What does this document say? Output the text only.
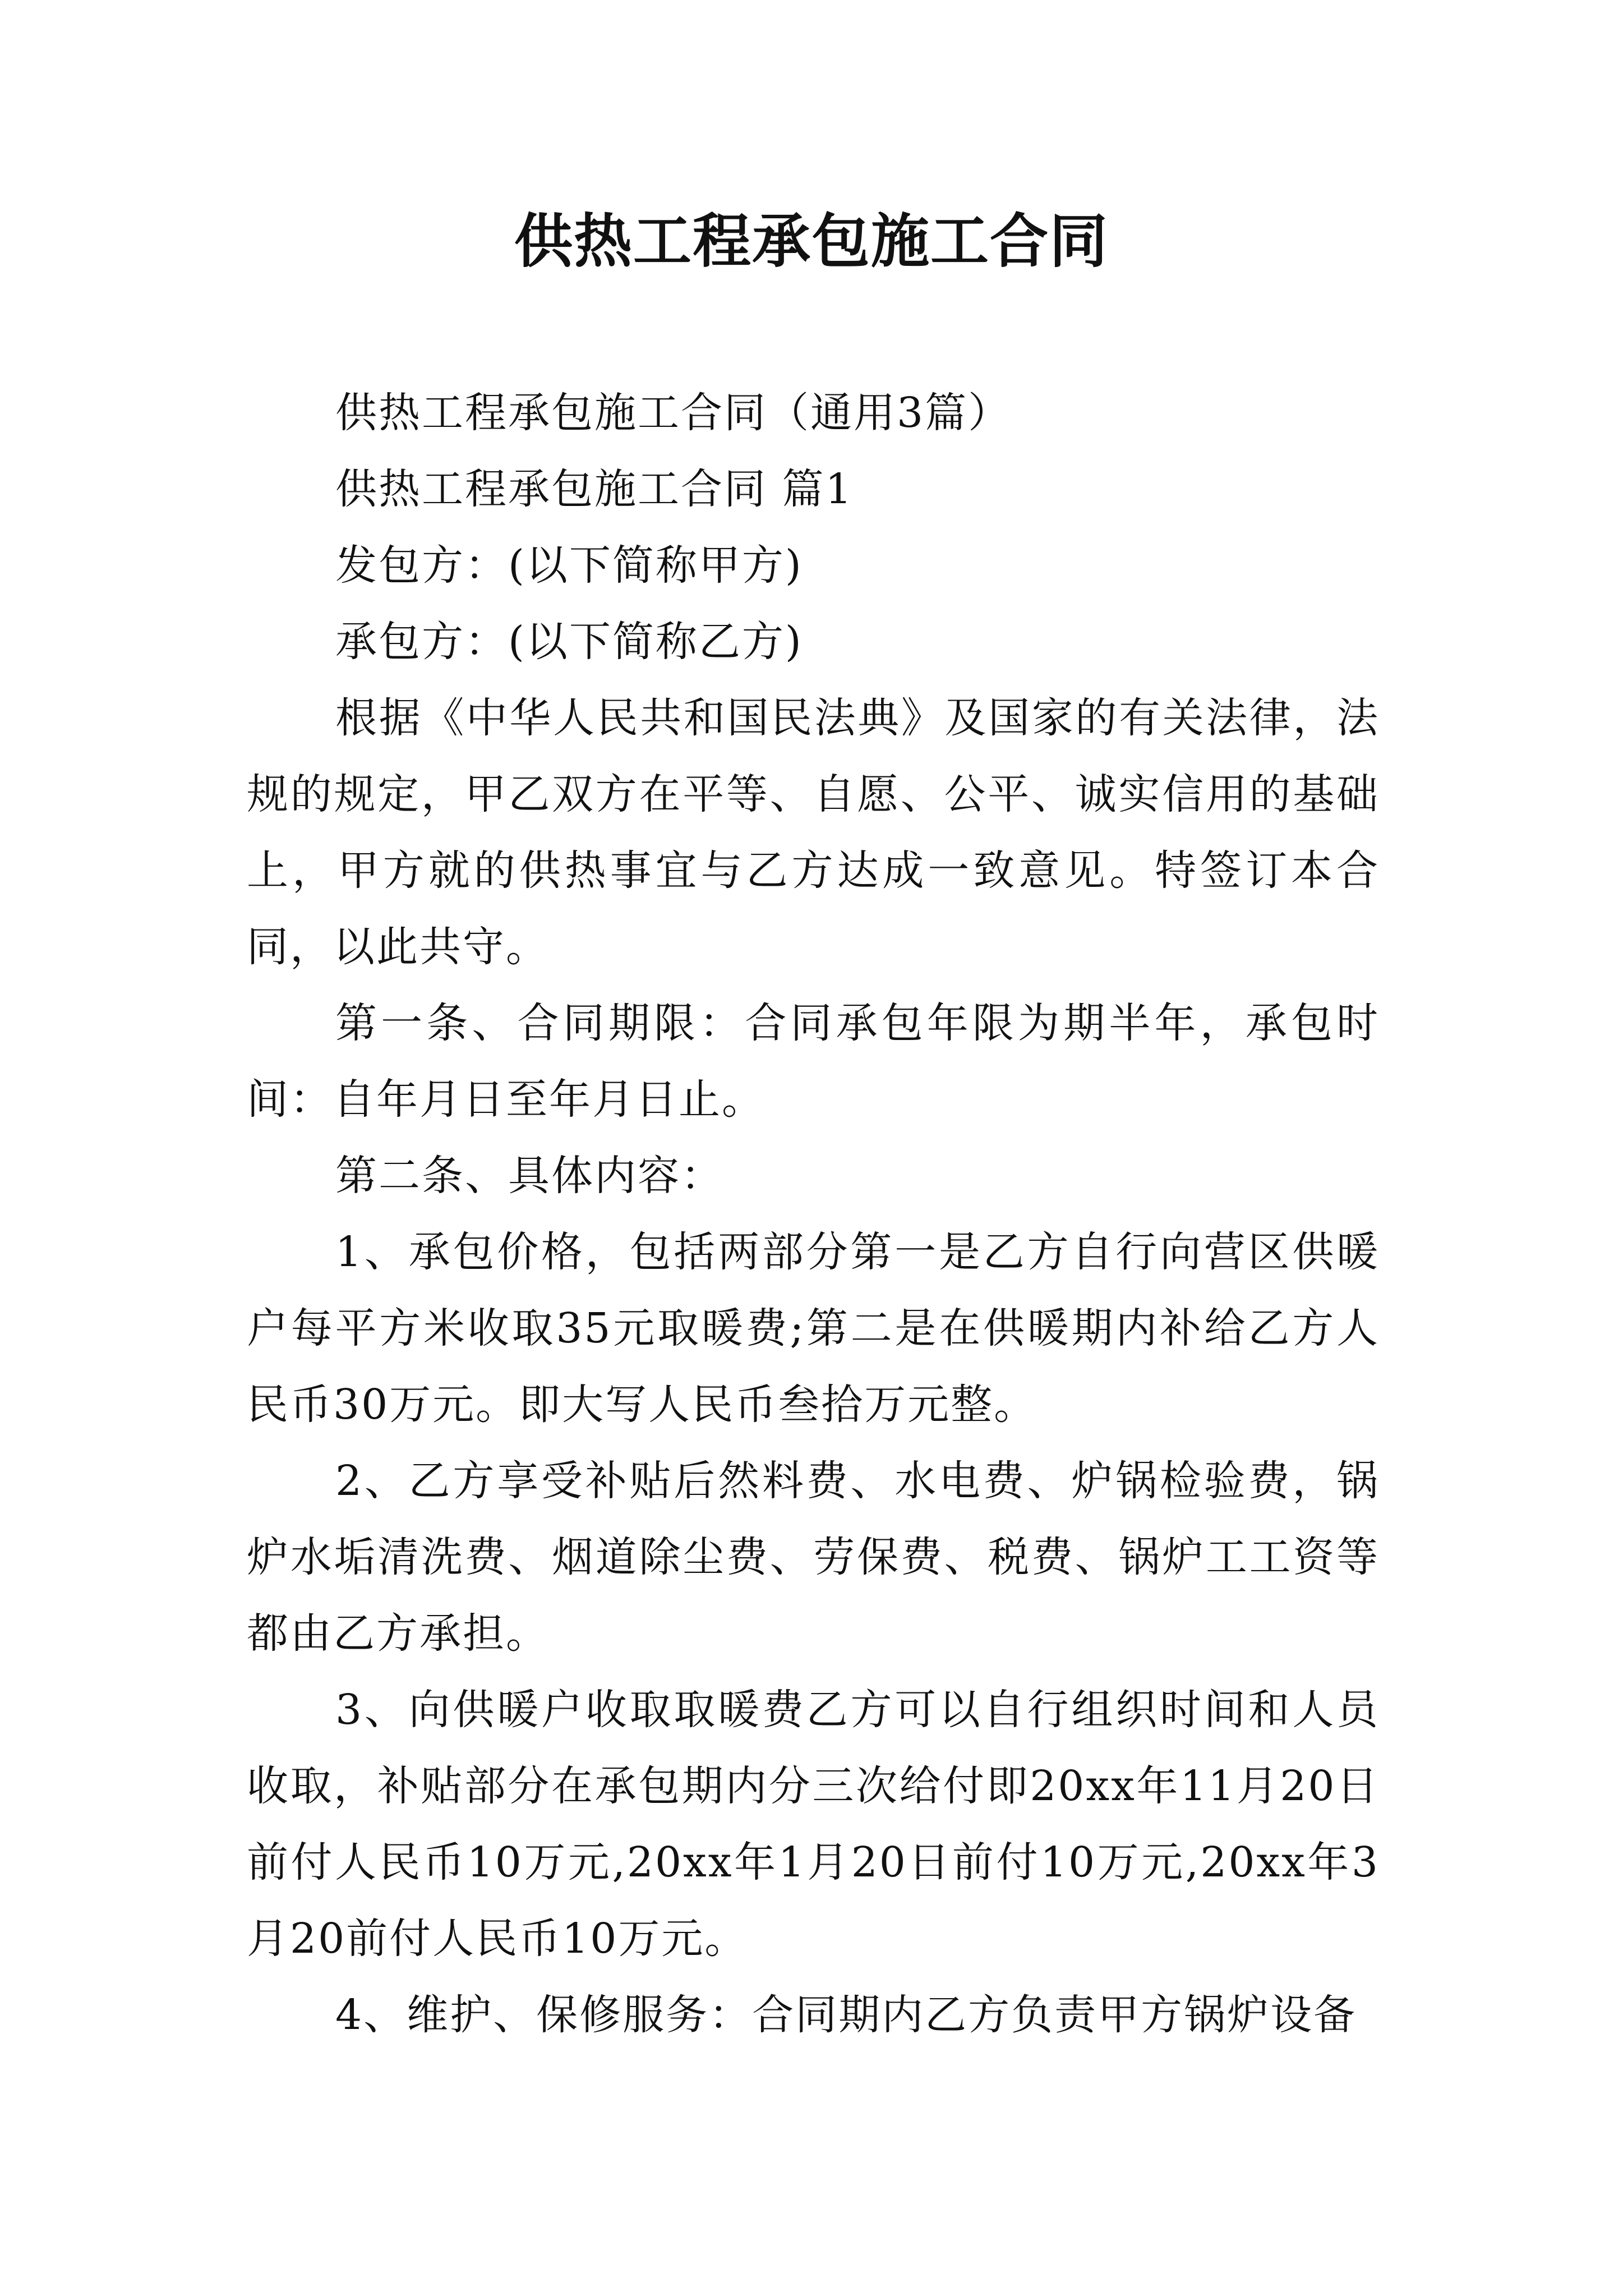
供热工程承包施工合同

供热工程承包施工合同（通用3篇）

供热工程承包施工合同 篇1

发包方：(以下简称甲方)

承包方：(以下简称乙方)

根据《中华人民共和国民法典》及国家的有关法律，法规的规定，甲乙双方在平等、自愿、公平、诚实信用的基础上，甲方就的供热事宜与乙方达成一致意见。特签订本合同，以此共守。

第一条、合同期限：合同承包年限为期半年，承包时间：自年月日至年月日止。

第二条、具体内容：

1、承包价格，包括两部分第一是乙方自行向营区供暖户每平方米收取35元取暖费;第二是在供暖期内补给乙方人民币30万元。即大写人民币叁拾万元整。

2、乙方享受补贴后然料费、水电费、炉锅检验费，锅炉水垢清洗费、烟道除尘费、劳保费、税费、锅炉工工资等都由乙方承担。

3、向供暖户收取取暖费乙方可以自行组织时间和人员收取，补贴部分在承包期内分三次给付即20xx年11月20日前付人民币10万元,20xx年1月20日前付10万元,20xx年3月20前付人民币10万元。

4、维护、保修服务：合同期内乙方负责甲方锅炉设备
